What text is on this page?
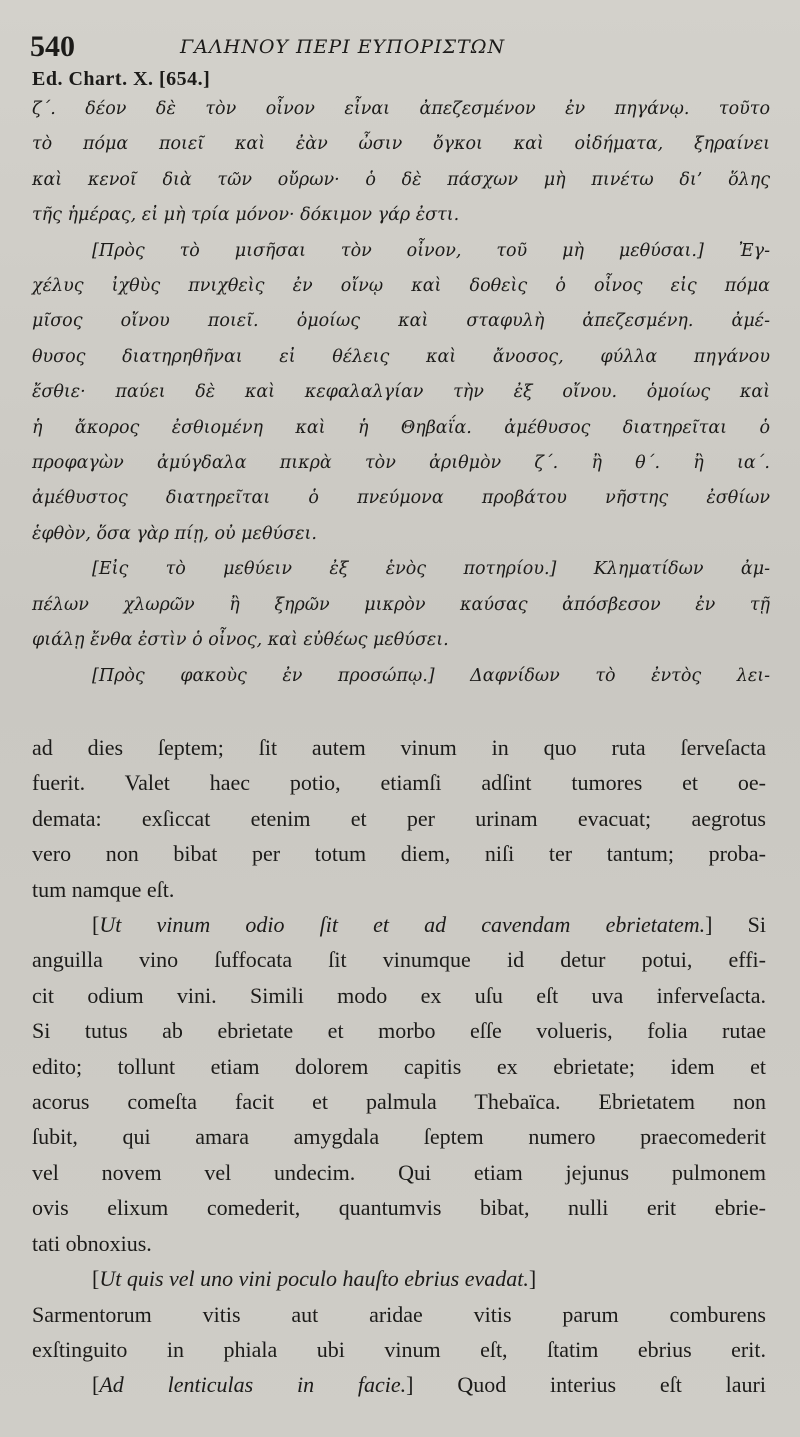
540	ΓΑΛΗΝΟΥ ΠΕΡΙ ΕΥΠΟΡΙΣΤΩΝ
Ed. Chart. X. [654.]
ζ΄. δέον δὲ τὸν οἶνον εἶναι ἀπεζεσμένον ἐν πηγάνῳ. τοῦτο
τὸ πόμα ποιεῖ καὶ ἐὰν ὦσιν ὄγκοι καὶ οἰδήματα, ξηραίνει
καὶ κενοῖ διὰ τῶν οὔρων· ὁ δὲ πάσχων μὴ πινέτω δι’ ὅλης
τῆς ἡμέρας, εἰ μὴ τρία μόνον· δόκιμον γάρ ἐστι.
[Πρὸς τὸ μισῆσαι τὸν οἶνον, τοῦ μὴ μεθύσαι.] Ἐγ-
χέλυς ἰχθὺς πνιχθεὶς ἐν οἴνῳ καὶ δοθεὶς ὁ οἶνος εἰς πόμα
μῖσος οἴνου ποιεῖ. ὁμοίως καὶ σταφυλὴ ἀπεζεσμένη. ἀμέ-
θυσος διατηρηθῆναι εἰ θέλεις καὶ ἄνοσος, φύλλα πηγάνου
ἔσθιε· παύει δὲ καὶ κεφαλαλγίαν τὴν ἐξ οἴνου. ὁμοίως καὶ
ἡ ἄκορος ἐσθιομένη καὶ ἡ Θηβαΐα. ἀμέθυσος διατηρεῖται ὁ
προφαγὼν ἀμύγδαλα πικρὰ τὸν ἀριθμὸν ζ΄. ἢ θ΄. ἢ ια΄.
ἀμέθυστος διατηρεῖται ὁ πνεύμονα προβάτου νῆστης ἐσθίων
ἑφθὸν, ὅσα γὰρ πίῃ, οὐ μεθύσει.
[Εἰς τὸ μεθύειν ἐξ ἑνὸς ποτηρίου.] Κληματίδων ἀμ-
πέλων χλωρῶν ἢ ξηρῶν μικρὸν καύσας ἀπόσβεσον ἐν τῇ
φιάλῃ ἔνθα ἐστὶν ὁ οἶνος, καὶ εὐθέως μεθύσει.
[Πρὸς φακοὺς ἐν προσώπῳ.] Δαφνίδων τὸ ἐντὸς λει-
ad dies ſeptem; ſit autem vinum in quo ruta ſerveſacta
fuerit. Valet haec potio, etiamſi adſint tumores et oe-
demata: exſiccat etenim et per urinam evacuat; aegrotus
vero non bibat per totum diem, niſi ter tantum; proba-
tum namque eſt.
[Ut vinum odio ſit et ad cavendam ebrietatem.] Si
anguilla vino ſuffocata ſit vinumque id detur potui, effi-
cit odium vini. Simili modo ex uſu eſt uva inferveſacta.
Si tutus ab ebrietate et morbo eſſe volueris, folia rutae
edito; tollunt etiam dolorem capitis ex ebrietate; idem et
acorus comeſta facit et palmula Thebaïca. Ebrietatem non
ſubit, qui amara amygdala ſeptem numero praecomederit
vel novem vel undecim. Qui etiam jejunus pulmonem
ovis elixum comederit, quantumvis bibat, nulli erit ebrie-
tati obnoxius.
[Ut quis vel uno vini poculo hauſto ebrius evadat.]
Sarmentorum vitis aut aridae vitis parum comburens
exſtinguito in phiala ubi vinum eſt, ſtatim ebrius erit.
[Ad lenticulas in facie.] Quod interius eſt lauri
